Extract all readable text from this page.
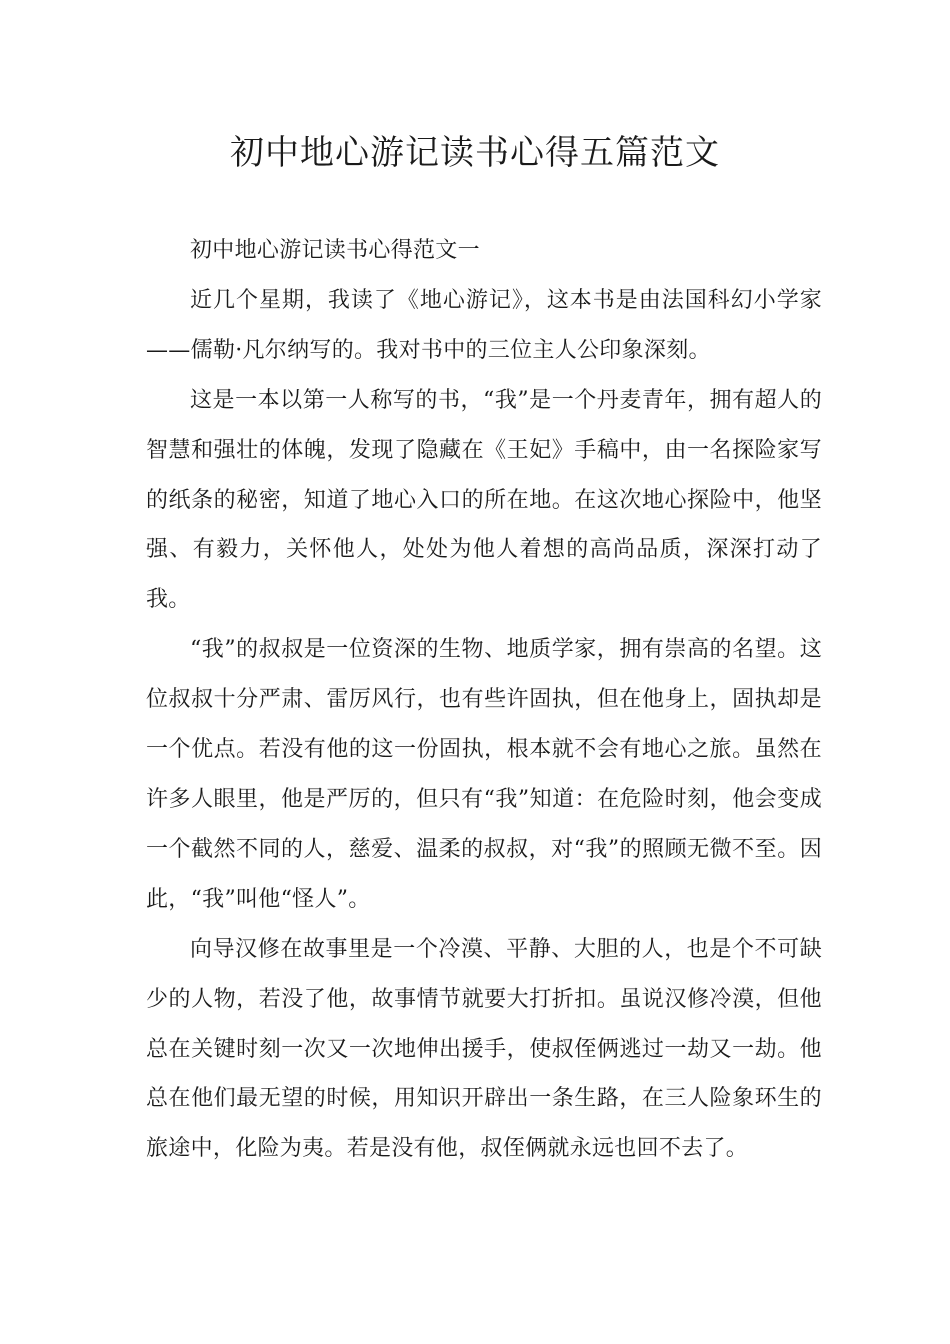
初中地心游记读书心得五篇范文

初中地心游记读书心得范文一

近几个星期，我读了《地心游记》，这本书是由法国科幻小学家——儒勒·凡尔纳写的。我对书中的三位主人公印象深刻。

这是一本以第一人称写的书，“我”是一个丹麦青年，拥有超人的智慧和强壮的体魄，发现了隐藏在《王妃》手稿中，由一名探险家写的纸条的秘密，知道了地心入口的所在地。在这次地心探险中，他坚强、有毅力，关怀他人，处处为他人着想的高尚品质，深深打动了我。

“我”的叔叔是一位资深的生物、地质学家，拥有崇高的名望。这位叔叔十分严肃、雷厉风行，也有些许固执，但在他身上，固执却是一个优点。若没有他的这一份固执，根本就不会有地心之旅。虽然在许多人眼里，他是严厉的，但只有“我”知道：在危险时刻，他会变成一个截然不同的人，慈爱、温柔的叔叔，对“我”的照顾无微不至。因此，“我”叫他“怪人”。

向导汉修在故事里是一个冷漠、平静、大胆的人，也是个不可缺少的人物，若没了他，故事情节就要大打折扣。虽说汉修冷漠，但他总在关键时刻一次又一次地伸出援手，使叔侄俩逃过一劫又一劫。他总在他们最无望的时候，用知识开辟出一条生路，在三人险象环生的旅途中，化险为夷。若是没有他，叔侄俩就永远也回不去了。
